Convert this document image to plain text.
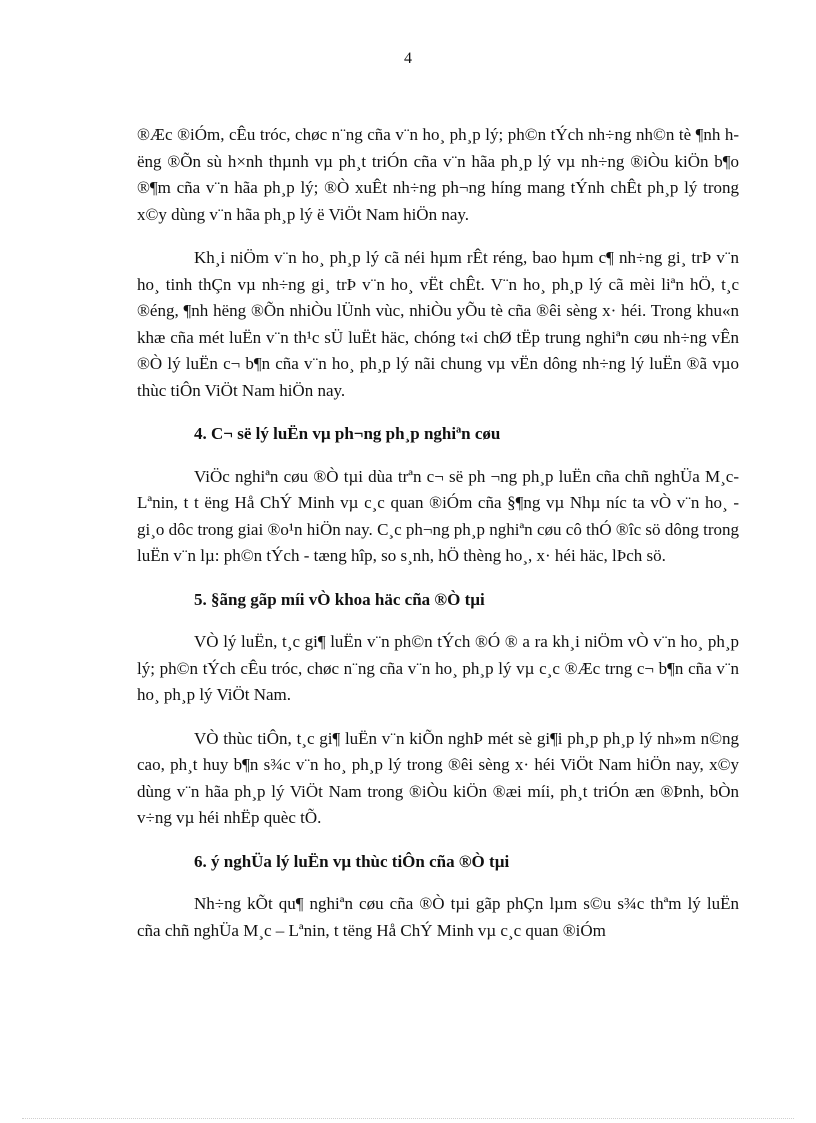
4

®Æc ®iÓm, cÊu tróc, chøc n¨ng cña v¨n ho¸ ph¸p lý; ph©n tÝch nh÷ng nh©n tè ¶nh hëng ®Õn sù h×nh thµnh vµ ph¸t triÓn cña v¨n hãa ph¸p lý vµ nh÷ng ®iÒu kiÖn b¶o ®¶m cña v¨n hãa ph¸p lý; ®Ò xuÊt nh÷ng ph¬ng híng mang tÝnh chÊt ph¸p lý trong x©y dùng v¨n hãa ph¸p lý ë ViÖt Nam hiÖn nay.

Kh¸i niÖm v¨n ho¸ ph¸p lý cã néi hµm rÊt réng, bao hµm c¶ nh÷ng gi¸ trÞ v¨n ho¸ tinh thÇn vµ nh÷ng gi¸ trÞ v¨n ho¸ vËt chÊt. V¨n ho¸ ph¸p lý cã mèi liªn hÖ, t¸c ®éng, ¶nh hëng ®Õn nhiÒu lÜnh vùc, nhiÒu yÕu tè cña ®êi sèng x· héi. Trong khu«n khæ cña mét luËn v¨n th¹c sÜ luËt häc, chóng t«i chØ tËp trung nghiªn cøu nh÷ng vÊn ®Ò lý luËn c¬ b¶n cña v¨n ho¸ ph¸p lý nãi chung vµ vËn dông nh÷ng lý luËn ®ã vµo thùc tiÔn ViÖt Nam hiÖn nay.

4. C¬ së lý luËn vµ ph¬ng ph¸p nghiªn cøu

ViÖc nghiªn cøu ®Ò tµi dùa trªn c¬ së ph ¬ng ph¸p luËn cña chñ nghÜa M¸c- Lªnin, t t ëng Hå ChÝ Minh vµ c¸c quan ®iÓm cña §¶ng vµ Nhµ níc ta vÒ v¨n ho¸ - gi¸o dôc trong giai ®o¹n hiÖn nay. C¸c ph¬ng ph¸p nghiªn cøu cô thÓ ®îc sö dông trong luËn v¨n lµ: ph©n tÝch - tæng hîp, so s¸nh, hÖ thèng ho¸, x· héi häc, lÞch sö.

5. §ãng gãp míi vÒ khoa häc cña ®Ò tµi

VÒ lý luËn, t¸c gi¶ luËn v¨n ph©n tÝch ®Ó ® a ra kh¸i niÖm vÒ v¨n ho¸ ph¸p lý; ph©n tÝch cÊu tróc, chøc n¨ng cña v¨n ho¸ ph¸p lý vµ c¸c ®Æc trng c¬ b¶n cña v¨n ho¸ ph¸p lý ViÖt Nam.

VÒ thùc tiÔn, t¸c gi¶ luËn v¨n kiÕn nghÞ mét sè gi¶i ph¸p ph¸p lý nh»m n©ng cao, ph¸t huy b¶n s¾c v¨n ho¸ ph¸p lý trong ®êi sèng x· héi ViÖt Nam hiÖn nay, x©y dùng v¨n hãa ph¸p lý ViÖt Nam trong ®iÒu kiÖn ®æi míi, ph¸t triÓn æn ®Þnh, bÒn v÷ng vµ héi nhËp quèc tÕ.

6. ý nghÜa lý luËn vµ thùc tiÔn cña ®Ò tµi

Nh÷ng kÕt qu¶ nghiªn cøu cña ®Ò tµi gãp phÇn lµm s©u s¾c thªm lý luËn cña chñ nghÜa M¸c – Lªnin, t tëng Hå ChÝ Minh vµ c¸c quan ®iÓm
